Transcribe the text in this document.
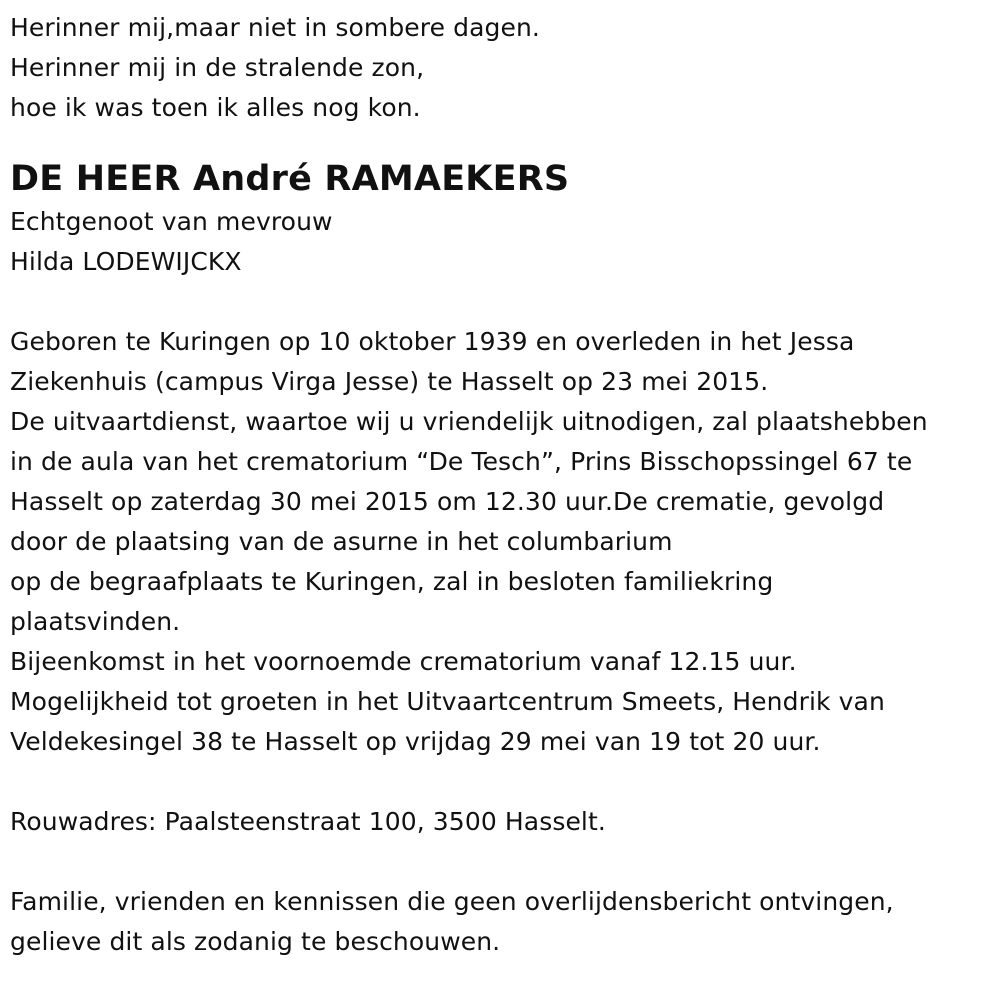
Herinner mij,maar niet in sombere dagen.
Herinner mij in de stralende zon,
hoe ik was toen ik alles nog kon.
DE HEER André RAMAEKERS
Echtgenoot van mevrouw
Hilda LODEWIJCKX
Geboren te Kuringen op 10 oktober 1939 en overleden in het Jessa
Ziekenhuis (campus Virga Jesse) te Hasselt op 23 mei 2015.
De uitvaartdienst, waartoe wij u vriendelijk uitnodigen, zal plaatshebben
in de aula van het crematorium “De Tesch”, Prins Bisschopssingel 67 te
Hasselt op zaterdag 30 mei 2015 om 12.30 uur.De crematie, gevolgd
door de plaatsing van de asurne in het columbarium
op de begraafplaats te Kuringen, zal in besloten familiekring
plaatsvinden.
Bijeenkomst in het voornoemde crematorium vanaf 12.15 uur.
Mogelijkheid tot groeten in het Uitvaartcentrum Smeets, Hendrik van
Veldekesingel 38 te Hasselt op vrijdag 29 mei van 19 tot 20 uur.
Rouwadres: Paalsteenstraat 100, 3500 Hasselt.
Familie, vrienden en kennissen die geen overlijdensbericht ontvingen,
gelieve dit als zodanig te beschouwen.
